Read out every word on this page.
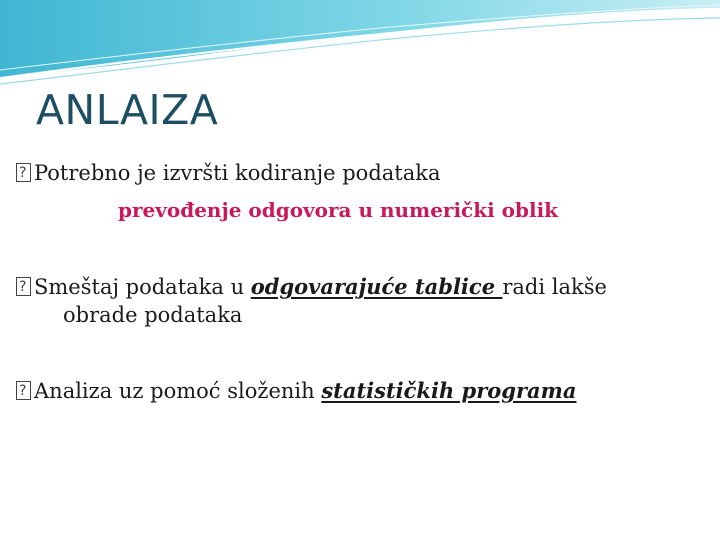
ANLAIZA
?Potrebno je izvršti kodiranje podataka
prevođenje odgovora u numerički oblik
?Smeštaj podataka u odgovarajuće tablice radi lakše
obrade podataka
?Analiza uz pomoć složenih statističkih programa
